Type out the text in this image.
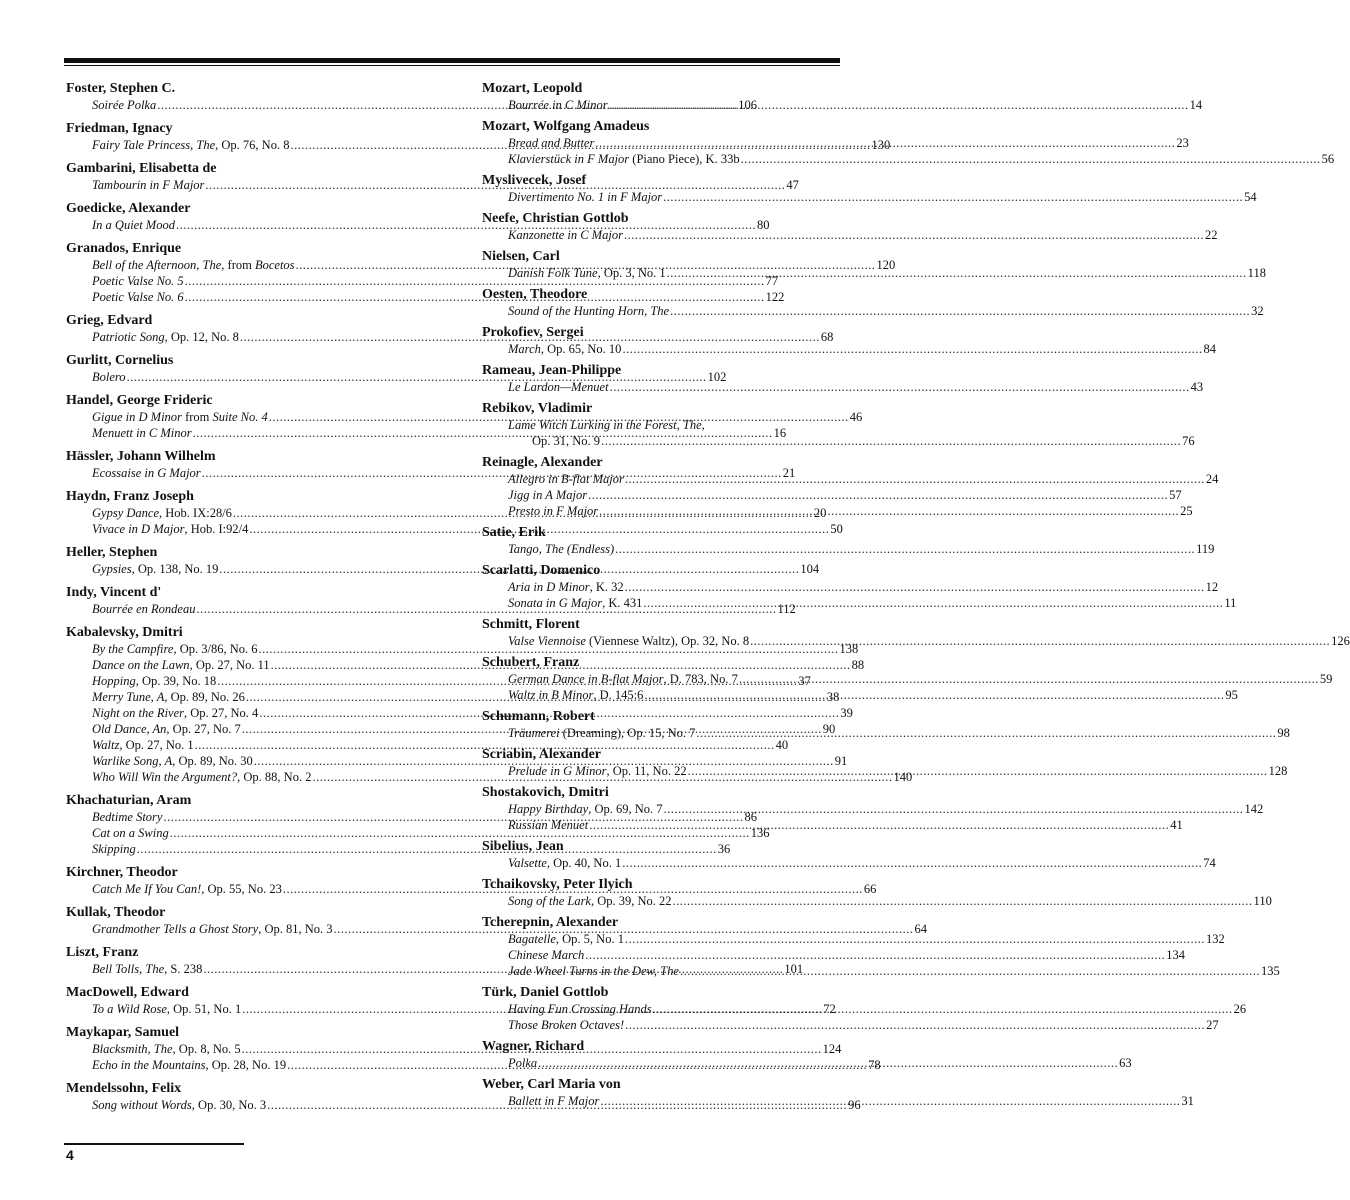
Foster, Stephen C.
Soirée Polka .....	106
Friedman, Ignacy
Fairy Tale Princess, The, Op. 76, No. 8 .....	130
Gambarini, Elisabetta de
Tambourin in F Major .....	47
Goedicke, Alexander
In a Quiet Mood .....	80
Granados, Enrique
Bell of the Afternoon, The, from Bocetos .....	120
Poetic Valse No. 5 .....	77
Poetic Valse No. 6 .....	122
Grieg, Edvard
Patriotic Song, Op. 12, No. 8 .....	68
Gurlitt, Cornelius
Bolero .....	102
Handel, George Frideric
Gigue in D Minor from Suite No. 4 .....	46
Menuett in C Minor .....	16
Hässler, Johann Wilhelm
Ecossaise in G Major .....	21
Haydn, Franz Joseph
Gypsy Dance, Hob. IX:28/6 .....	20
Vivace in D Major, Hob. I:92/4 .....	50
Heller, Stephen
Gypsies, Op. 138, No. 19 .....	104
Indy, Vincent d'
Bourrée en Rondeau .....	112
Kabalevsky, Dmitri
By the Campfire, Op. 3/86, No. 6 .....	138
Dance on the Lawn, Op. 27, No. 11 .....	88
Hopping, Op. 39, No. 18 .....	37
Merry Tune, A, Op. 89, No. 26 .....	38
Night on the River, Op. 27, No. 4 .....	39
Old Dance, An, Op. 27, No. 7 .....	90
Waltz, Op. 27, No. 1 .....	40
Warlike Song, A, Op. 89, No. 30 .....	91
Who Will Win the Argument?, Op. 88, No. 2 .....	140
Khachaturian, Aram
Bedtime Story .....	86
Cat on a Swing .....	136
Skipping .....	36
Kirchner, Theodor
Catch Me If You Can!, Op. 55, No. 23 .....	66
Kullak, Theodor
Grandmother Tells a Ghost Story, Op. 81, No. 3 .....	64
Liszt, Franz
Bell Tolls, The, S. 238 .....	101
MacDowell, Edward
To a Wild Rose, Op. 51, No. 1 .....	72
Maykapar, Samuel
Blacksmith, The, Op. 8, No. 5 .....	124
Echo in the Mountains, Op. 28, No. 19 .....	78
Mendelssohn, Felix
Song without Words, Op. 30, No. 3 .....	96
Mozart, Leopold
Bourrée in C Minor .....	14
Mozart, Wolfgang Amadeus
Bread and Butter .....	23
Klavierstück in F Major (Piano Piece), K. 33b .....	56
Myslivecek, Josef
Divertimento No. 1 in F Major .....	54
Neefe, Christian Gottlob
Kanzonette in C Major .....	22
Nielsen, Carl
Danish Folk Tune, Op. 3, No. 1 .....	118
Oesten, Theodore
Sound of the Hunting Horn, The .....	32
Prokofiev, Sergei
March, Op. 65, No. 10 .....	84
Rameau, Jean-Philippe
Le Lardon—Menuet .....	43
Rebikov, Vladimir
Lame Witch Lurking in the Forest, The,
Op. 31, No. 9 .....	76
Reinagle, Alexander
Allegro in B-flat Major .....	24
Jigg in A Major .....	57
Presto in F Major .....	25
Satie, Erik
Tango, The (Endless) .....	119
Scarlatti, Domenico
Aria in D Minor, K. 32 .....	12
Sonata in G Major, K. 431 .....	11
Schmitt, Florent
Valse Viennoise (Viennese Waltz), Op. 32, No. 8 .....	126
Schubert, Franz
German Dance in B-flat Major, D. 783, No. 7 .....	59
Waltz in B Minor, D. 145:6 .....	95
Schumann, Robert
Träumerei (Dreaming), Op. 15, No. 7 .....	98
Scriabin, Alexander
Prelude in G Minor, Op. 11, No. 22 .....	128
Shostakovich, Dmitri
Happy Birthday, Op. 69, No. 7 .....	142
Russian Menuet .....	41
Sibelius, Jean
Valsette, Op. 40, No. 1 .....	74
Tchaikovsky, Peter Ilyich
Song of the Lark, Op. 39, No. 22 .....	110
Tcherepnin, Alexander
Bagatelle, Op. 5, No. 1 .....	132
Chinese March .....	134
Jade Wheel Turns in the Dew, The .....	135
Türk, Daniel Gottlob
Having Fun Crossing Hands .....	26
Those Broken Octaves! .....	27
Wagner, Richard
Polka .....	63
Weber, Carl Maria von
Ballett in F Major .....	31
4
